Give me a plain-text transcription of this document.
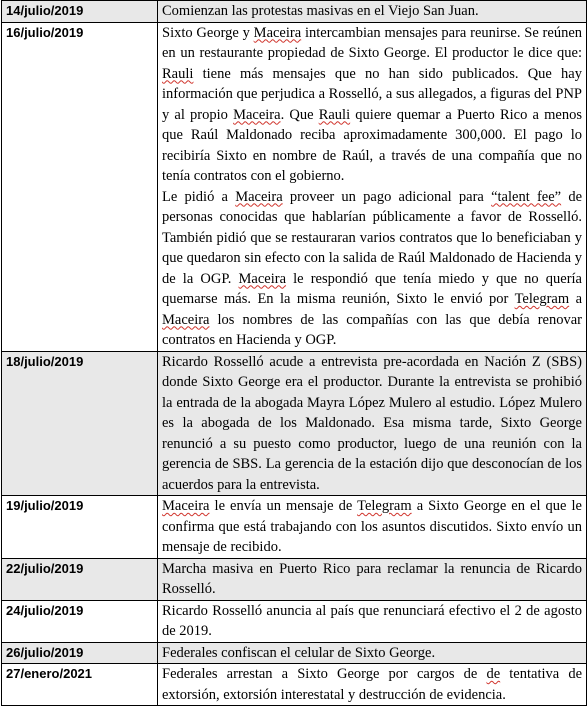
14/julio/2019	Comienzan las protestas masivas en el Viejo San Juan.

16/julio/2019	Sixto George y Maceira intercambian mensajes para reunirse. Se reúnen en un restaurante propiedad de Sixto George. El productor le dice que: Rauli tiene más mensajes que no han sido publicados. Que hay información que perjudica a Rosselló, a sus allegados, a figuras del PNP y al propio Maceira. Que Rauli quiere quemar a Puerto Rico a menos que Raúl Maldonado reciba aproximadamente 300,000. El pago lo recibiría Sixto en nombre de Raúl, a través de una compañía que no tenía contratos con el gobierno.

Le pidió a Maceira proveer un pago adicional para “talent fee” de personas conocidas que hablarían públicamente a favor de Rosselló. También pidió que se restauraran varios contratos que lo beneficiaban y que quedaron sin efecto con la salida de Raúl Maldonado de Hacienda y de la OGP. Maceira le respondió que tenía miedo y que no quería quemarse más. En la misma reunión, Sixto le envió por Telegram a Maceira los nombres de las compañías con las que debía renovar contratos en Hacienda y OGP.

18/julio/2019	Ricardo Rosselló acude a entrevista pre-acordada en Nación Z (SBS) donde Sixto George era el productor. Durante la entrevista se prohibió la entrada de la abogada Mayra López Mulero al estudio. López Mulero es la abogada de los Maldonado. Esa misma tarde, Sixto George renunció a su puesto como productor, luego de una reunión con la gerencia de SBS. La gerencia de la estación dijo que desconocían de los acuerdos para la entrevista.

19/julio/2019	Maceira le envía un mensaje de Telegram a Sixto George en el que le confirma que está trabajando con los asuntos discutidos. Sixto envío un mensaje de recibido.

22/julio/2019	Marcha masiva en Puerto Rico para reclamar la renuncia de Ricardo Rosselló.

24/julio/2019	Ricardo Rosselló anuncia al país que renunciará efectivo el 2 de agosto de 2019.

26/julio/2019	Federales confiscan el celular de Sixto George.

27/enero/2021	Federales arrestan a Sixto George por cargos de de tentativa de extorsión, extorsión interestatal y destrucción de evidencia.
